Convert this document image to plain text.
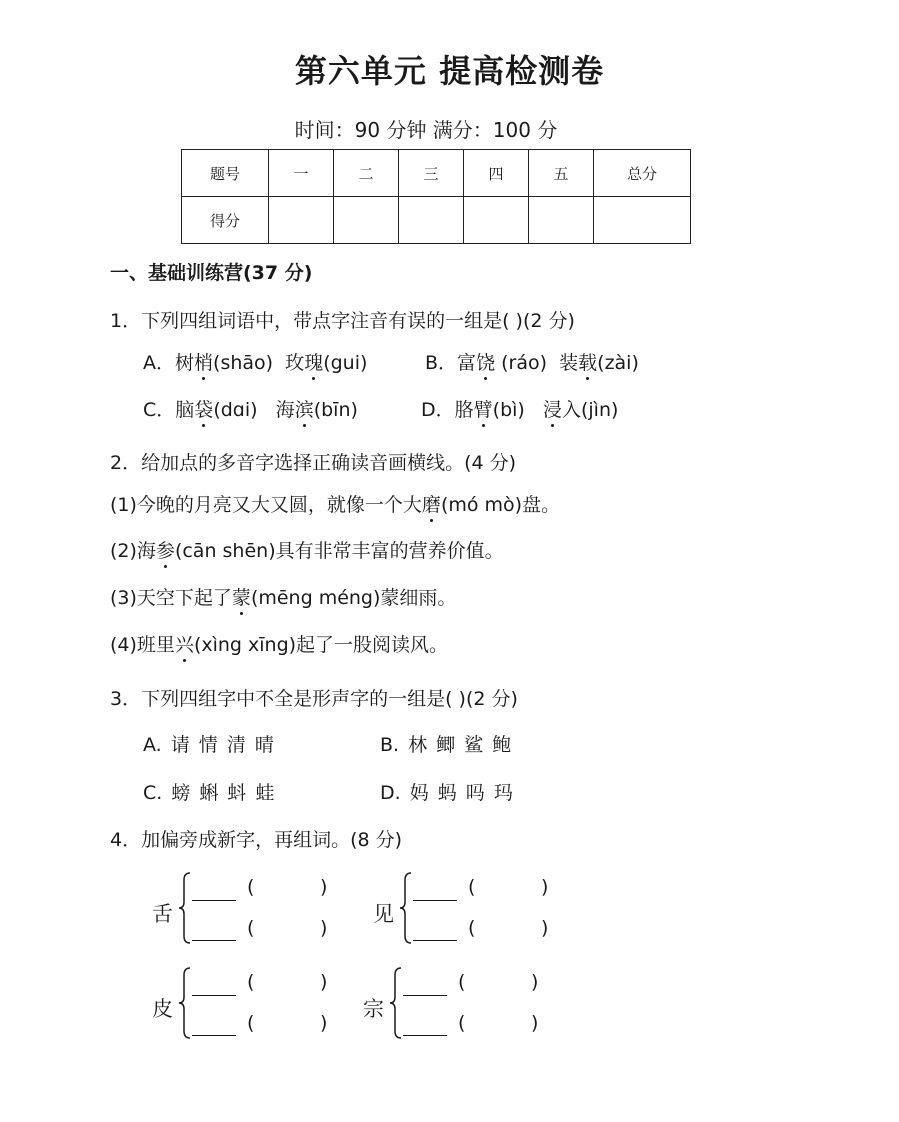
第六单元 提高检测卷
时间：90 分钟 满分：100 分
题号	一	二	三	四	五	总分
得分						
一、基础训练营(37 分)
1．下列四组词语中，带点字注音有误的一组是( )(2 分)
A．树梢(shāo) 玫瑰(gui)	B．富饶 (ráo) 装载(zài)
C．脑袋(dɑi) 海滨(bīn)	D．胳臂(bì) 浸入(jìn)
2．给加点的多音字选择正确读音画横线。(4 分)
(1)今晚的月亮又大又圆，就像一个大磨(mó mò)盘。
(2)海参(cān shēn)具有非常丰富的营养价值。
(3)天空下起了蒙(mēng méng)蒙细雨。
(4)班里兴(xìng xīng)起了一股阅读风。
3．下列四组字中不全是形声字的一组是( )(2 分)
A. 请 情 清 晴	B. 林 鲫 鲨 鲍
C. 螃 蝌 蚪 蛙	D. 妈 蚂 吗 玛
4．加偏旁成新字，再组词。(8 分)
舌
(	)
(	)
见
(	)
(	)
皮
(	)
(	)
宗
(	)
(	)
